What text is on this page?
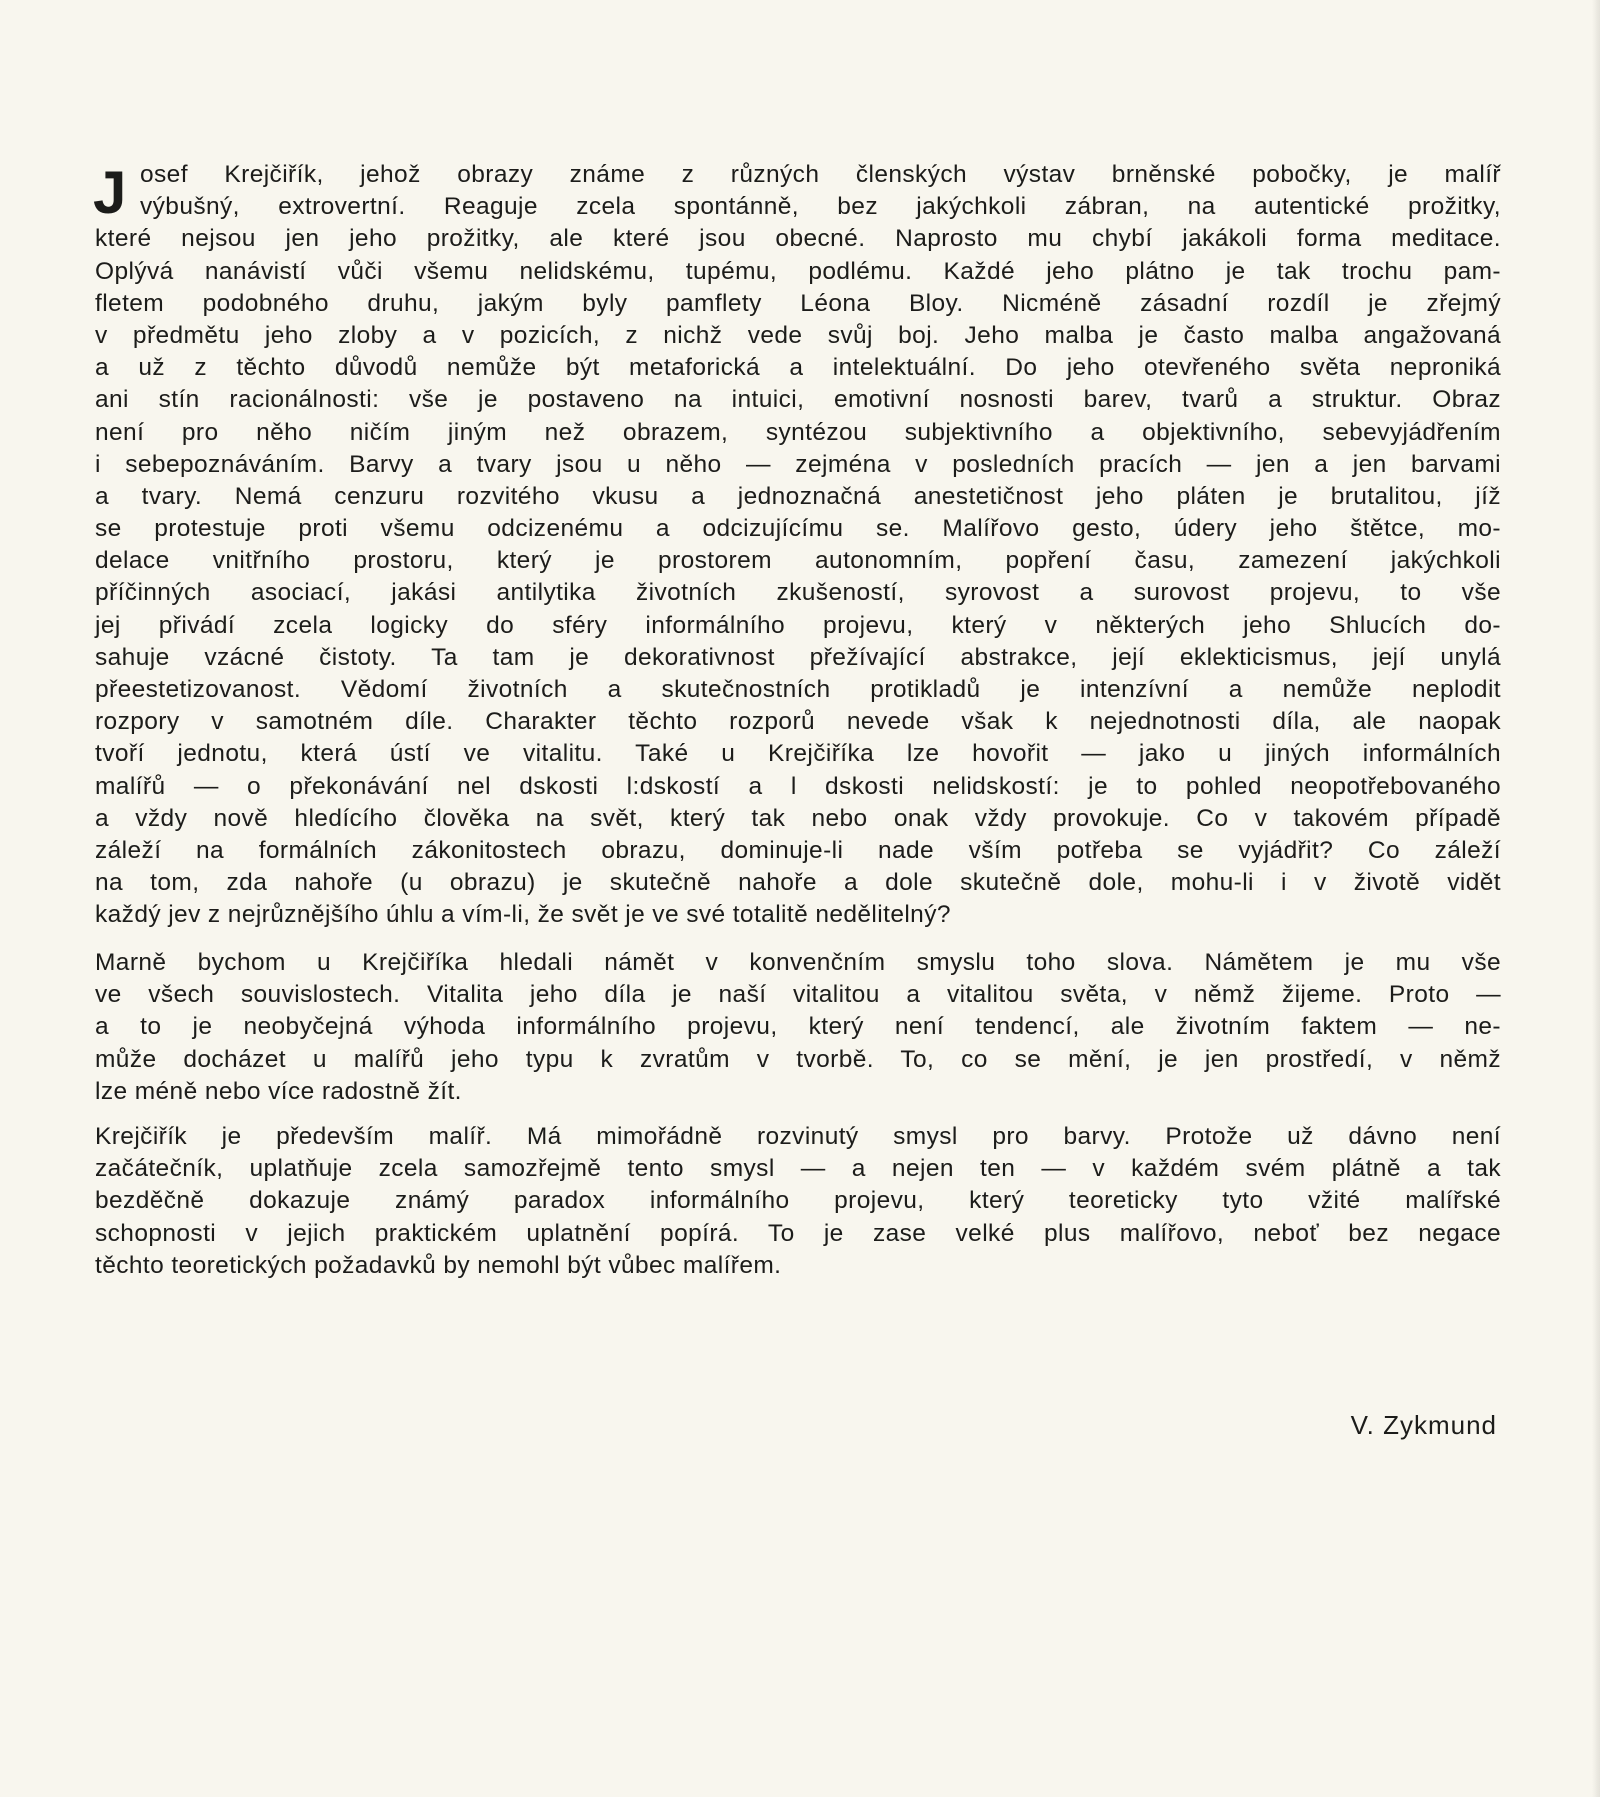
J osef Krejčiřík, jehož obrazy známe z různých členských výstav brněnské pobočky, je malíř
výbušný, extrovertní. Reaguje zcela spontánně, bez jakýchkoli zábran, na autentické prožitky,
které nejsou jen jeho prožitky, ale které jsou obecné. Naprosto mu chybí jakákoli forma meditace.
Oplývá nanávistí vůči všemu nelidskému, tupému, podlému. Každé jeho plátno je tak trochu pam-
fletem podobného druhu, jakým byly pamflety Léona Bloy. Nicméně zásadní rozdíl je zřejmý
v předmětu jeho zloby a v pozicích, z nichž vede svůj boj. Jeho malba je často malba angažovaná
a už z těchto důvodů nemůže být metaforická a intelektuální. Do jeho otevřeného světa neproniká
ani stín racionálnosti: vše je postaveno na intuici, emotivní nosnosti barev, tvarů a struktur. Obraz
není pro něho ničím jiným než obrazem, syntézou subjektivního a objektivního, sebevyjádřením
i sebepoznáváním. Barvy a tvary jsou u něho — zejména v posledních pracích — jen a jen barvami
a tvary. Nemá cenzuru rozvitého vkusu a jednoznačná anestetičnost jeho pláten je brutalitou, jíž
se protestuje proti všemu odcizenému a odcizujícímu se. Malířovo gesto, údery jeho štětce, mo-
delace vnitřního prostoru, který je prostorem autonomním, popření času, zamezení jakýchkoli
příčinných asociací, jakási antilytika životních zkušeností, syrovost a surovost projevu, to vše
jej přivádí zcela logicky do sféry informálního projevu, který v některých jeho Shlucích do-
sahuje vzácné čistoty. Ta tam je dekorativnost přežívající abstrakce, její eklekticismus, její unylá
přeestetizovanost. Vědomí životních a skutečnostních protikladů je intenzívní a nemůže neplodit
rozpory v samotném díle. Charakter těchto rozporů nevede však k nejednotnosti díla, ale naopak
tvoří jednotu, která ústí ve vitalitu. Také u Krejčiříka lze hovořit — jako u jiných informálních
malířů — o překonávání nel dskosti l:dskostí a l dskosti nelidskostí: je to pohled neopotřebovaného
a vždy nově hledícího člověka na svět, který tak nebo onak vždy provokuje. Co v takovém případě
záleží na formálních zákonitostech obrazu, dominuje-li nade vším potřeba se vyjádřit? Co záleží
na tom, zda nahoře (u obrazu) je skutečně nahoře a dole skutečně dole, mohu-li i v životě vidět
každý jev z nejrůznějšího úhlu a vím-li, že svět je ve své totalitě nedělitelný?
Marně bychom u Krejčiříka hledali námět v konvenčním smyslu toho slova. Námětem je mu vše
ve všech souvislostech. Vitalita jeho díla je naší vitalitou a vitalitou světa, v němž žijeme. Proto —
a to je neobyčejná výhoda informálního projevu, který není tendencí, ale životním faktem — ne-
může docházet u malířů jeho typu k zvratům v tvorbě. To, co se mění, je jen prostředí, v němž
lze méně nebo více radostně žít.
Krejčiřík je především malíř. Má mimořádně rozvinutý smysl pro barvy. Protože už dávno není
začátečník, uplatňuje zcela samozřejmě tento smysl — a nejen ten — v každém svém plátně a tak
bezděčně dokazuje známý paradox informálního projevu, který teoreticky tyto vžité malířské
schopnosti v jejich praktickém uplatnění popírá. To je zase velké plus malířovo, neboť bez negace
těchto teoretických požadavků by nemohl být vůbec malířem.
V. Zykmund
